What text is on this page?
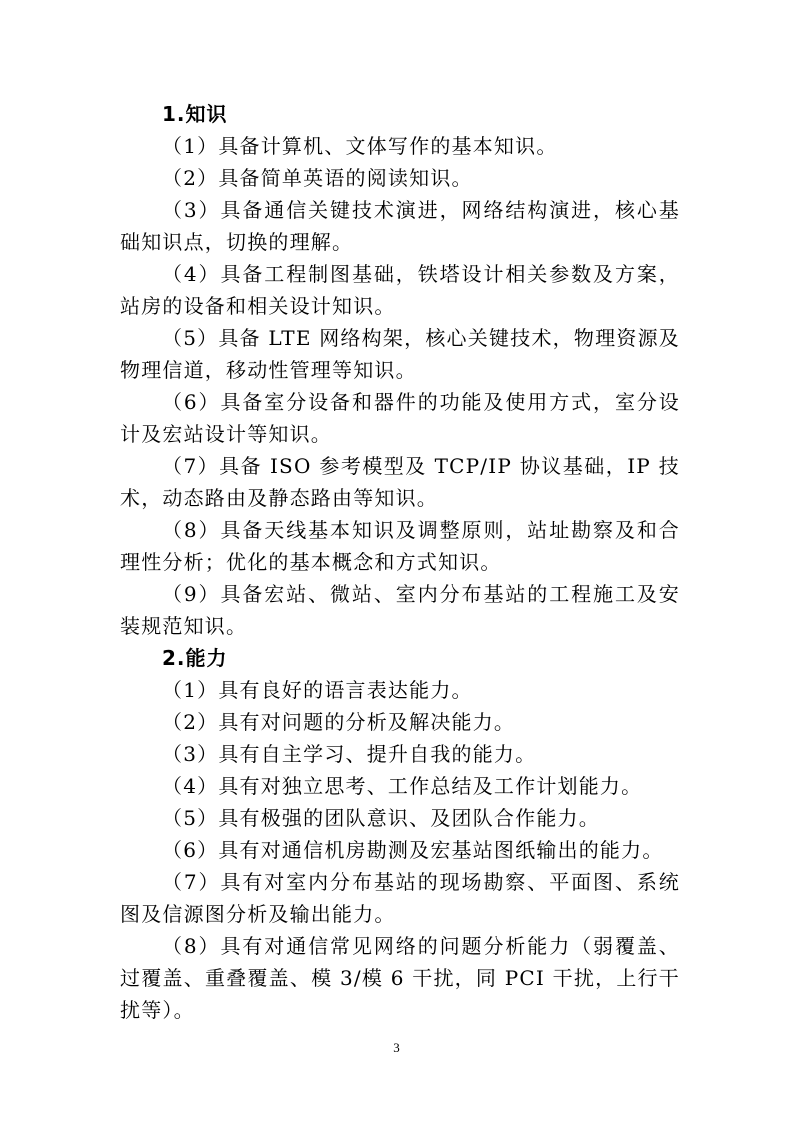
1.知识

（1）具备计算机、文体写作的基本知识。

（2）具备简单英语的阅读知识。

（3）具备通信关键技术演进，网络结构演进，核心基础知识点，切换的理解。

（4）具备工程制图基础，铁塔设计相关参数及方案，站房的设备和相关设计知识。

（5）具备 LTE 网络构架，核心关键技术，物理资源及物理信道，移动性管理等知识。

（6）具备室分设备和器件的功能及使用方式，室分设计及宏站设计等知识。

（7）具备 ISO 参考模型及 TCP/IP 协议基础，IP 技术，动态路由及静态路由等知识。

（8）具备天线基本知识及调整原则，站址勘察及和合理性分析；优化的基本概念和方式知识。

（9）具备宏站、微站、室内分布基站的工程施工及安装规范知识。

2.能力

（1）具有良好的语言表达能力。

（2）具有对问题的分析及解决能力。

（3）具有自主学习、提升自我的能力。

（4）具有对独立思考、工作总结及工作计划能力。

（5）具有极强的团队意识、及团队合作能力。

（6）具有对通信机房勘测及宏基站图纸输出的能力。

（7）具有对室内分布基站的现场勘察、平面图、系统图及信源图分析及输出能力。

（8）具有对通信常见网络的问题分析能力（弱覆盖、过覆盖、重叠覆盖、模 3/模 6 干扰，同 PCI 干扰，上行干扰等）。

3
